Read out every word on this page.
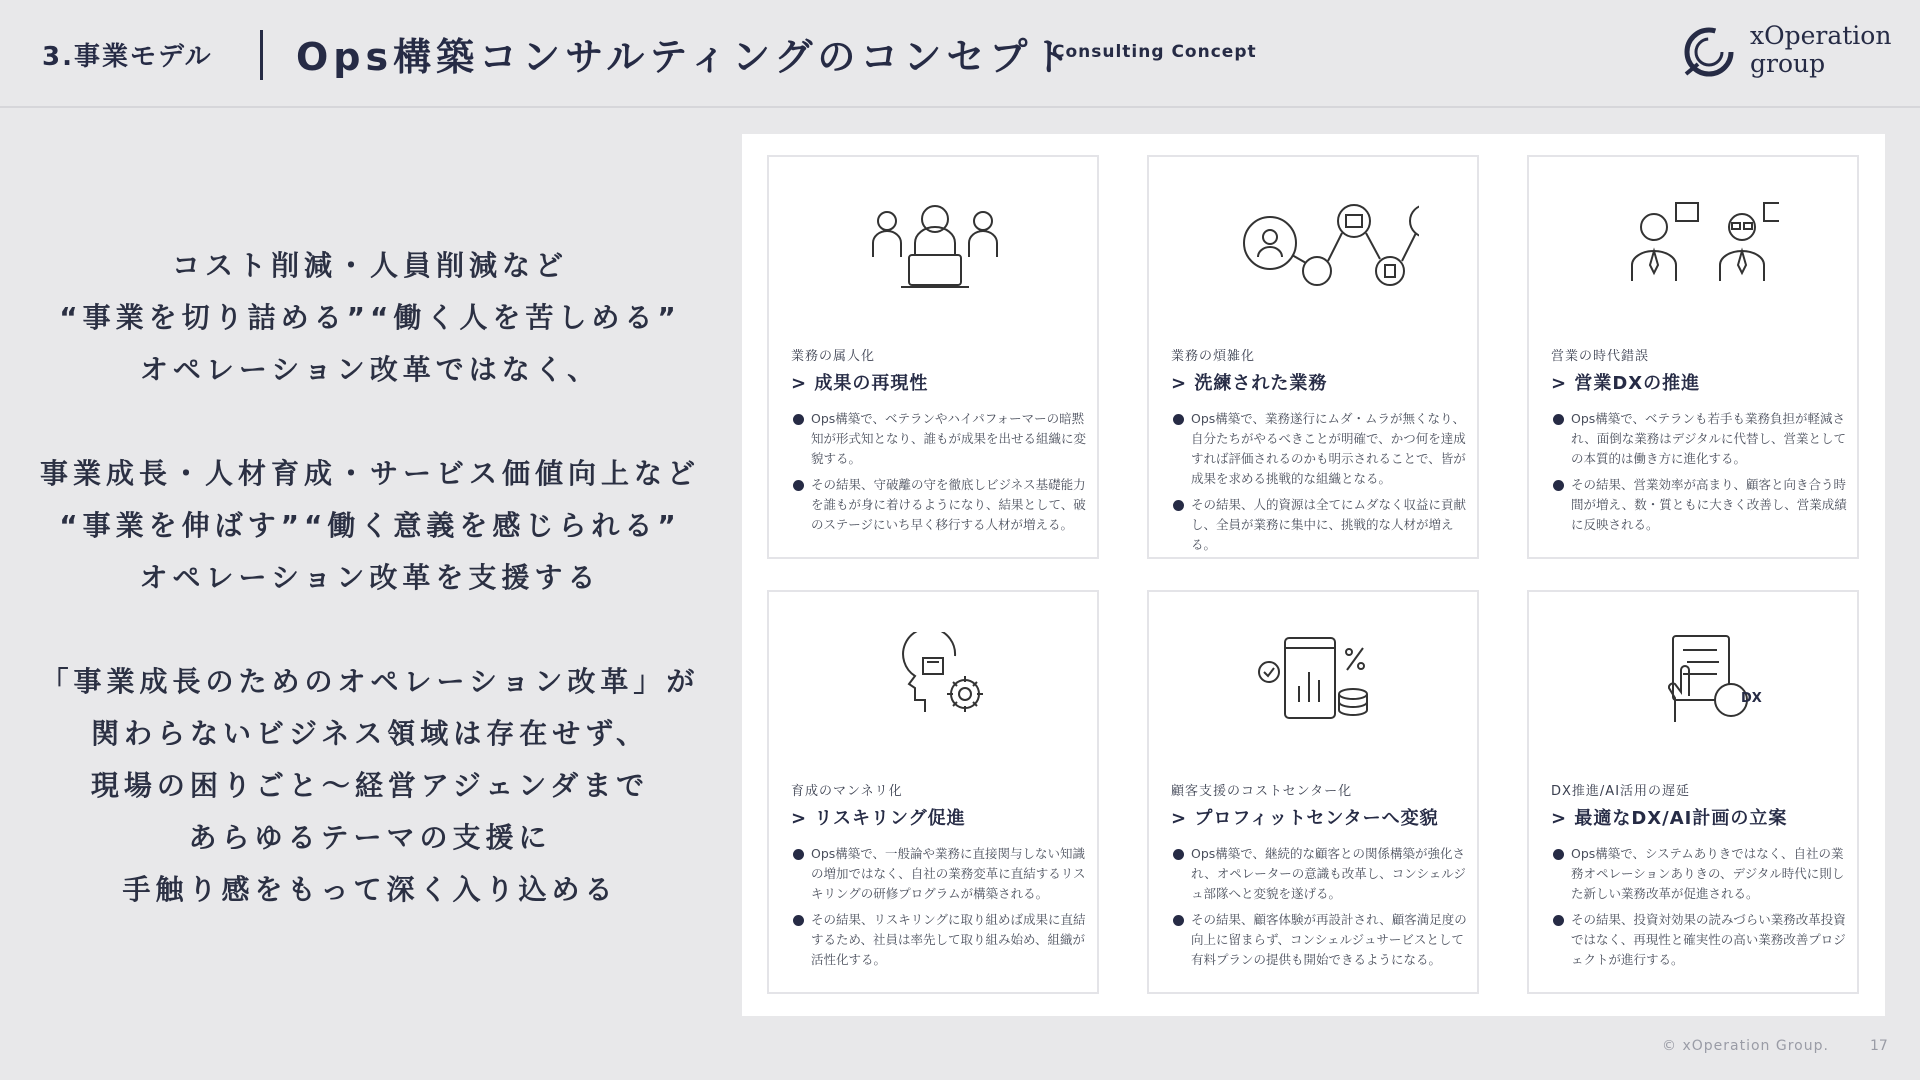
3.事業モデル Ops構築コンサルティングのコンセプト
Consulting Concept
xOperation
group
コスト削減・人員削減など
“事業を切り詰める”“働く人を苦しめる”
オペレーション改革ではなく、
事業成長・人材育成・サービス価値向上など
“事業を伸ばす”“働く意義を感じられる”
オペレーション改革を支援する
「事業成長のためのオペレーション改革」が
関わらないビジネス領域は存在せず、
現場の困りごと～経営アジェンダまで
あらゆるテーマの支援に
手触り感をもって深く入り込める
業務の属人化
> 成果の再現性
Ops構築で、ベテランやハイパフォーマーの暗黙知が形式知となり、誰もが成果を出せる組織に変貌する。
その結果、守破離の守を徹底しビジネス基礎能力を誰もが身に着けるようになり、結果として、破のステージにいち早く移行する人材が増える。
業務の煩雑化
> 洗練された業務
Ops構築で、業務遂行にムダ・ムラが無くなり、自分たちがやるべきことが明確で、かつ何を達成すれば評価されるのかも明示されることで、皆が成果を求める挑戦的な組織となる。
その結果、人的資源は全てにムダなく収益に貢献し、全員が業務に集中に、挑戦的な人材が増える。
営業の時代錯誤
> 営業DXの推進
Ops構築で、ベテランも若手も業務負担が軽減され、面倒な業務はデジタルに代替し、営業としての本質的は働き方に進化する。
その結果、営業効率が高まり、顧客と向き合う時間が増え、数・質ともに大きく改善し、営業成績に反映される。
育成のマンネリ化
> リスキリング促進
Ops構築で、一般論や業務に直接関与しない知識の増加ではなく、自社の業務変革に直結するリスキリングの研修プログラムが構築される。
その結果、リスキリングに取り組めば成果に直結するため、社員は率先して取り組み始め、組織が活性化する。
顧客支援のコストセンター化
> プロフィットセンターへ変貌
Ops構築で、継続的な顧客との関係構築が強化され、オペレーターの意識も改革し、コンシェルジュ部隊へと変貌を遂げる。
その結果、顧客体験が再設計され、顧客満足度の向上に留まらず、コンシェルジュサービスとして有料プランの提供も開始できるようになる。
DX
DX推進/AI活用の遅延
> 最適なDX/AI計画の立案
Ops構築で、システムありきではなく、自社の業務オペレーションありきの、デジタル時代に則した新しい業務改革が促進される。
その結果、投資対効果の読みづらい業務改革投資ではなく、再現性と確実性の高い業務改善プロジェクトが進行する。
© xOperation Group.	17
